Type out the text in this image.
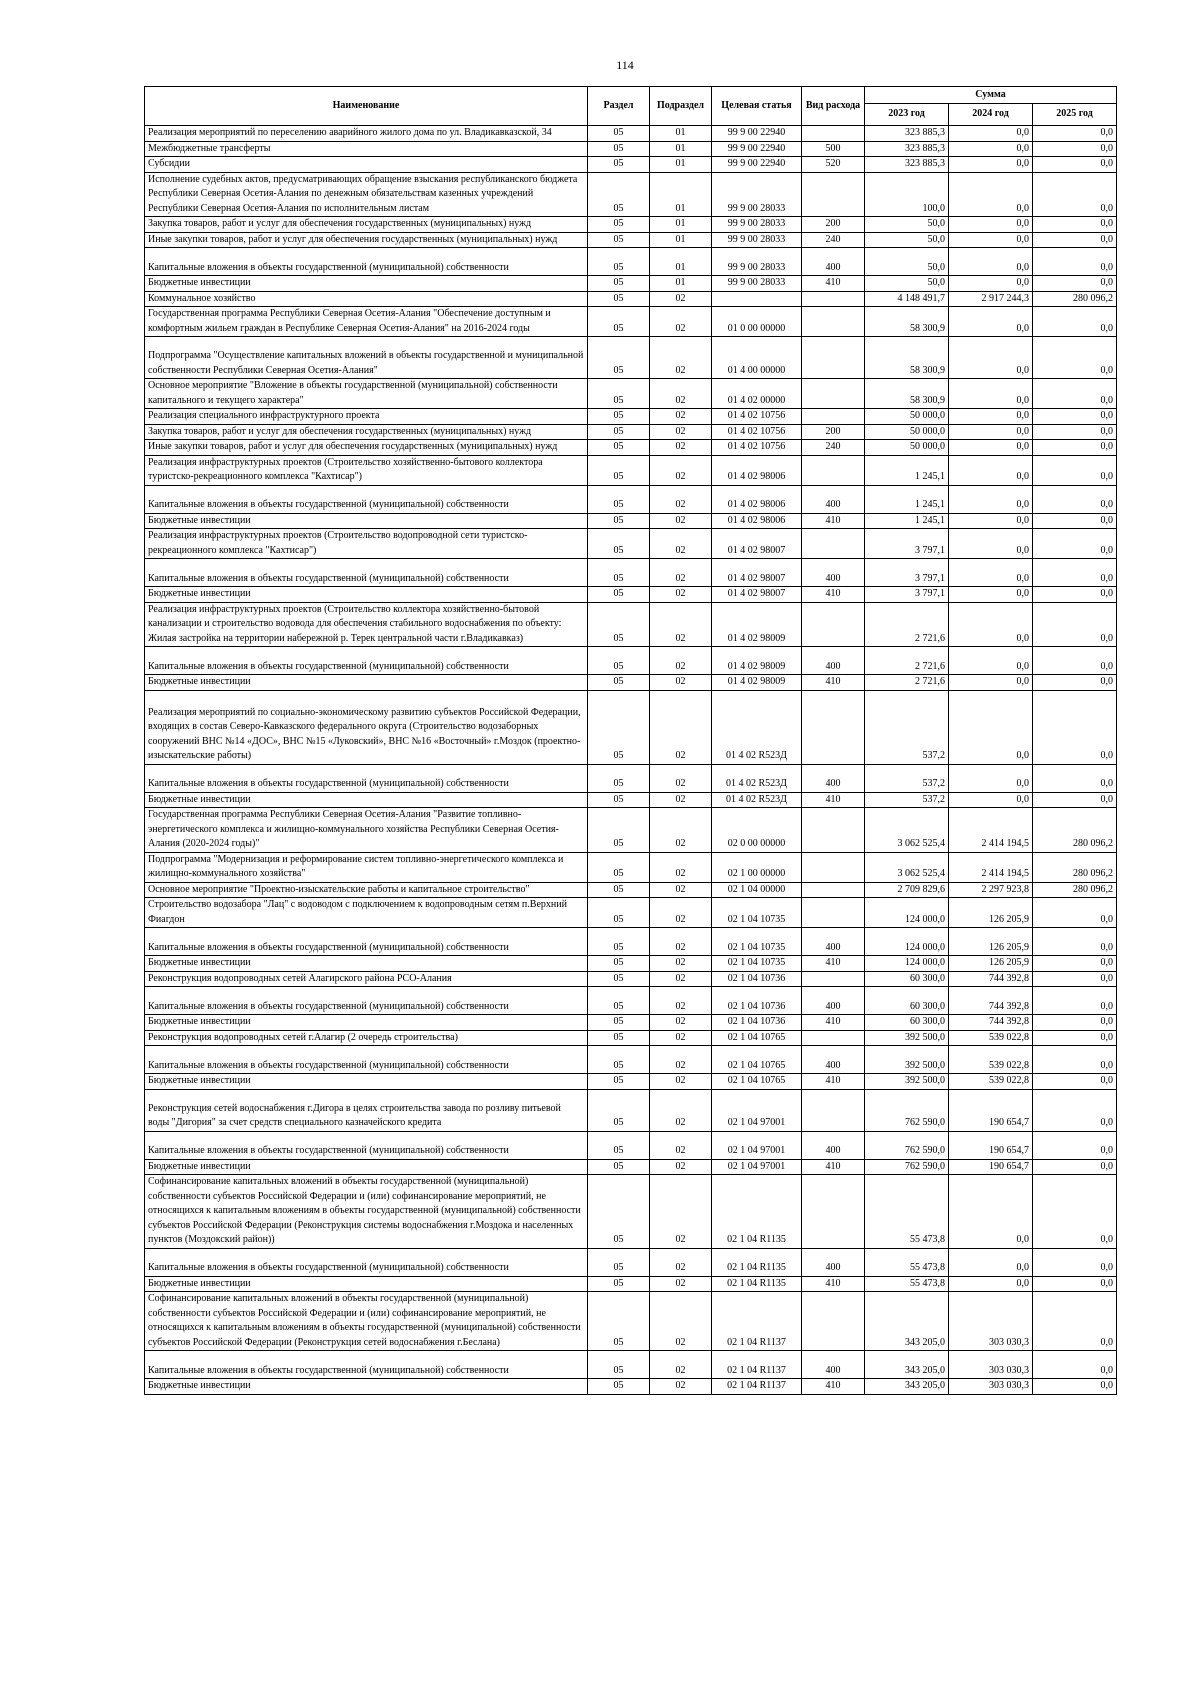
114
Наименование	Раздел	Подраздел	Целевая статья	Вид расхода	Сумма		
					2023 год	2024 год	2025 год
Реализация мероприятий по переселению аварийного жилого дома по ул. Владикавказской, 34	05	01	99 9 00 22940		323 885,3	0,0	0,0
Межбюджетные трансферты	05	01	99 9 00 22940	500	323 885,3	0,0	0,0
Субсидии	05	01	99 9 00 22940	520	323 885,3	0,0	0,0
Исполнение судебных актов, предусматривающих обращение взыскания республиканского бюджета Республики Северная Осетия-Алания по денежным обязательствам казенных учреждений Республики Северная Осетия-Алания по исполнительным листам	05	01	99 9 00 28033		100,0	0,0	0,0
Закупка товаров, работ и услуг для обеспечения государственных (муниципальных) нужд	05	01	99 9 00 28033	200	50,0	0,0	0,0
Иные закупки товаров, работ и услуг для обеспечения государственных (муниципальных) нужд	05	01	99 9 00 28033	240	50,0	0,0	0,0
Капитальные вложения в объекты государственной (муниципальной) собственности	05	01	99 9 00 28033	400	50,0	0,0	0,0
Бюджетные инвестиции	05	01	99 9 00 28033	410	50,0	0,0	0,0
Коммунальное хозяйство	05	02			4 148 491,7	2 917 244,3	280 096,2
Государственная программа Республики Северная Осетия-Алания "Обеспечение доступным и комфортным жильем граждан в Республике Северная Осетия-Алания" на 2016-2024 годы	05	02	01 0 00 00000		58 300,9	0,0	0,0
Подпрограмма "Осуществление капитальных вложений в объекты государственной и муниципальной собственности Республики Северная Осетия-Алания"	05	02	01 4 00 00000		58 300,9	0,0	0,0
Основное мероприятие "Вложение в объекты государственной (муниципальной) собственности капитального и текущего характера"	05	02	01 4 02 00000		58 300,9	0,0	0,0
Реализация специального инфраструктурного проекта	05	02	01 4 02 10756		50 000,0	0,0	0,0
Закупка товаров, работ и услуг для обеспечения государственных (муниципальных) нужд	05	02	01 4 02 10756	200	50 000,0	0,0	0,0
Иные закупки товаров, работ и услуг для обеспечения государственных (муниципальных) нужд	05	02	01 4 02 10756	240	50 000,0	0,0	0,0
Реализация инфраструктурных проектов (Строительство хозяйственно-бытового коллектора туристско-рекреационного комплекса "Кахтисар")	05	02	01 4 02 98006		1 245,1	0,0	0,0
Капитальные вложения в объекты государственной (муниципальной) собственности	05	02	01 4 02 98006	400	1 245,1	0,0	0,0
Бюджетные инвестиции	05	02	01 4 02 98006	410	1 245,1	0,0	0,0
Реализация инфраструктурных проектов (Строительство водопроводной сети туристско-рекреационного комплекса "Кахтисар")	05	02	01 4 02 98007		3 797,1	0,0	0,0
Капитальные вложения в объекты государственной (муниципальной) собственности	05	02	01 4 02 98007	400	3 797,1	0,0	0,0
Бюджетные инвестиции	05	02	01 4 02 98007	410	3 797,1	0,0	0,0
Реализация инфраструктурных проектов (Строительство коллектора хозяйственно-бытовой канализации и строительство водовода для обеспечения стабильного водоснабжения по объекту: Жилая застройка на территории набережной р. Терек центральной части г.Владикавказ)	05	02	01 4 02 98009		2 721,6	0,0	0,0
Капитальные вложения в объекты государственной (муниципальной) собственности	05	02	01 4 02 98009	400	2 721,6	0,0	0,0
Бюджетные инвестиции	05	02	01 4 02 98009	410	2 721,6	0,0	0,0
Реализация мероприятий по социально-экономическому развитию субъектов Российской Федерации, входящих в состав Северо-Кавказского федерального округа (Строительство водозаборных сооружений ВНС №14 «ДОС», ВНС №15 «Луковский», ВНС №16 «Восточный» г.Моздок (проектно-изыскательские работы)	05	02	01 4 02 R523Д		537,2	0,0	0,0
Капитальные вложения в объекты государственной (муниципальной) собственности	05	02	01 4 02 R523Д	400	537,2	0,0	0,0
Бюджетные инвестиции	05	02	01 4 02 R523Д	410	537,2	0,0	0,0
Государственная программа Республики Северная Осетия-Алания "Развитие топливно-энергетического комплекса и жилищно-коммунального хозяйства Республики Северная Осетия-Алания (2020-2024 годы)"	05	02	02 0 00 00000		3 062 525,4	2 414 194,5	280 096,2
Подпрограмма "Модернизация и реформирование систем топливно-энергетического комплекса и жилищно-коммунального хозяйства"	05	02	02 1 00 00000		3 062 525,4	2 414 194,5	280 096,2
Основное мероприятие "Проектно-изыскательские работы и капитальное строительство"	05	02	02 1 04 00000		2 709 829,6	2 297 923,8	280 096,2
Строительство водозабора "Лац" с водоводом с подключением к водопроводным сетям п.Верхний Фиагдон	05	02	02 1 04 10735		124 000,0	126 205,9	0,0
Капитальные вложения в объекты государственной (муниципальной) собственности	05	02	02 1 04 10735	400	124 000,0	126 205,9	0,0
Бюджетные инвестиции	05	02	02 1 04 10735	410	124 000,0	126 205,9	0,0
Реконструкция водопроводных сетей Алагирского района РСО-Алания	05	02	02 1 04 10736		60 300,0	744 392,8	0,0
Капитальные вложения в объекты государственной (муниципальной) собственности	05	02	02 1 04 10736	400	60 300,0	744 392,8	0,0
Бюджетные инвестиции	05	02	02 1 04 10736	410	60 300,0	744 392,8	0,0
Реконструкция водопроводных сетей г.Алагир (2 очередь строительства)	05	02	02 1 04 10765		392 500,0	539 022,8	0,0
Капитальные вложения в объекты государственной (муниципальной) собственности	05	02	02 1 04 10765	400	392 500,0	539 022,8	0,0
Бюджетные инвестиции	05	02	02 1 04 10765	410	392 500,0	539 022,8	0,0
Реконструкция сетей водоснабжения г.Дигора в целях строительства завода по розливу питьевой воды "Дигория" за счет средств специального казначейского кредита	05	02	02 1 04 97001		762 590,0	190 654,7	0,0
Капитальные вложения в объекты государственной (муниципальной) собственности	05	02	02 1 04 97001	400	762 590,0	190 654,7	0,0
Бюджетные инвестиции	05	02	02 1 04 97001	410	762 590,0	190 654,7	0,0
Софинансирование капитальных вложений в объекты государственной (муниципальной) собственности субъектов Российской Федерации и (или) софинансирование мероприятий, не относящихся к капитальным вложениям в объекты государственной (муниципальной) собственности субъектов Российской Федерации (Реконструкция системы водоснабжения г.Моздока и населенных пунктов (Моздокский район))	05	02	02 1 04 R1135		55 473,8	0,0	0,0
Капитальные вложения в объекты государственной (муниципальной) собственности	05	02	02 1 04 R1135	400	55 473,8	0,0	0,0
Бюджетные инвестиции	05	02	02 1 04 R1135	410	55 473,8	0,0	0,0
Софинансирование капитальных вложений в объекты государственной (муниципальной) собственности субъектов Российской Федерации и (или) софинансирование мероприятий, не относящихся к капитальным вложениям в объекты государственной (муниципальной) собственности субъектов Российской Федерации (Реконструкция сетей водоснабжения г.Беслана)	05	02	02 1 04 R1137		343 205,0	303 030,3	0,0
Капитальные вложения в объекты государственной (муниципальной) собственности	05	02	02 1 04 R1137	400	343 205,0	303 030,3	0,0
Бюджетные инвестиции	05	02	02 1 04 R1137	410	343 205,0	303 030,3	0,0
